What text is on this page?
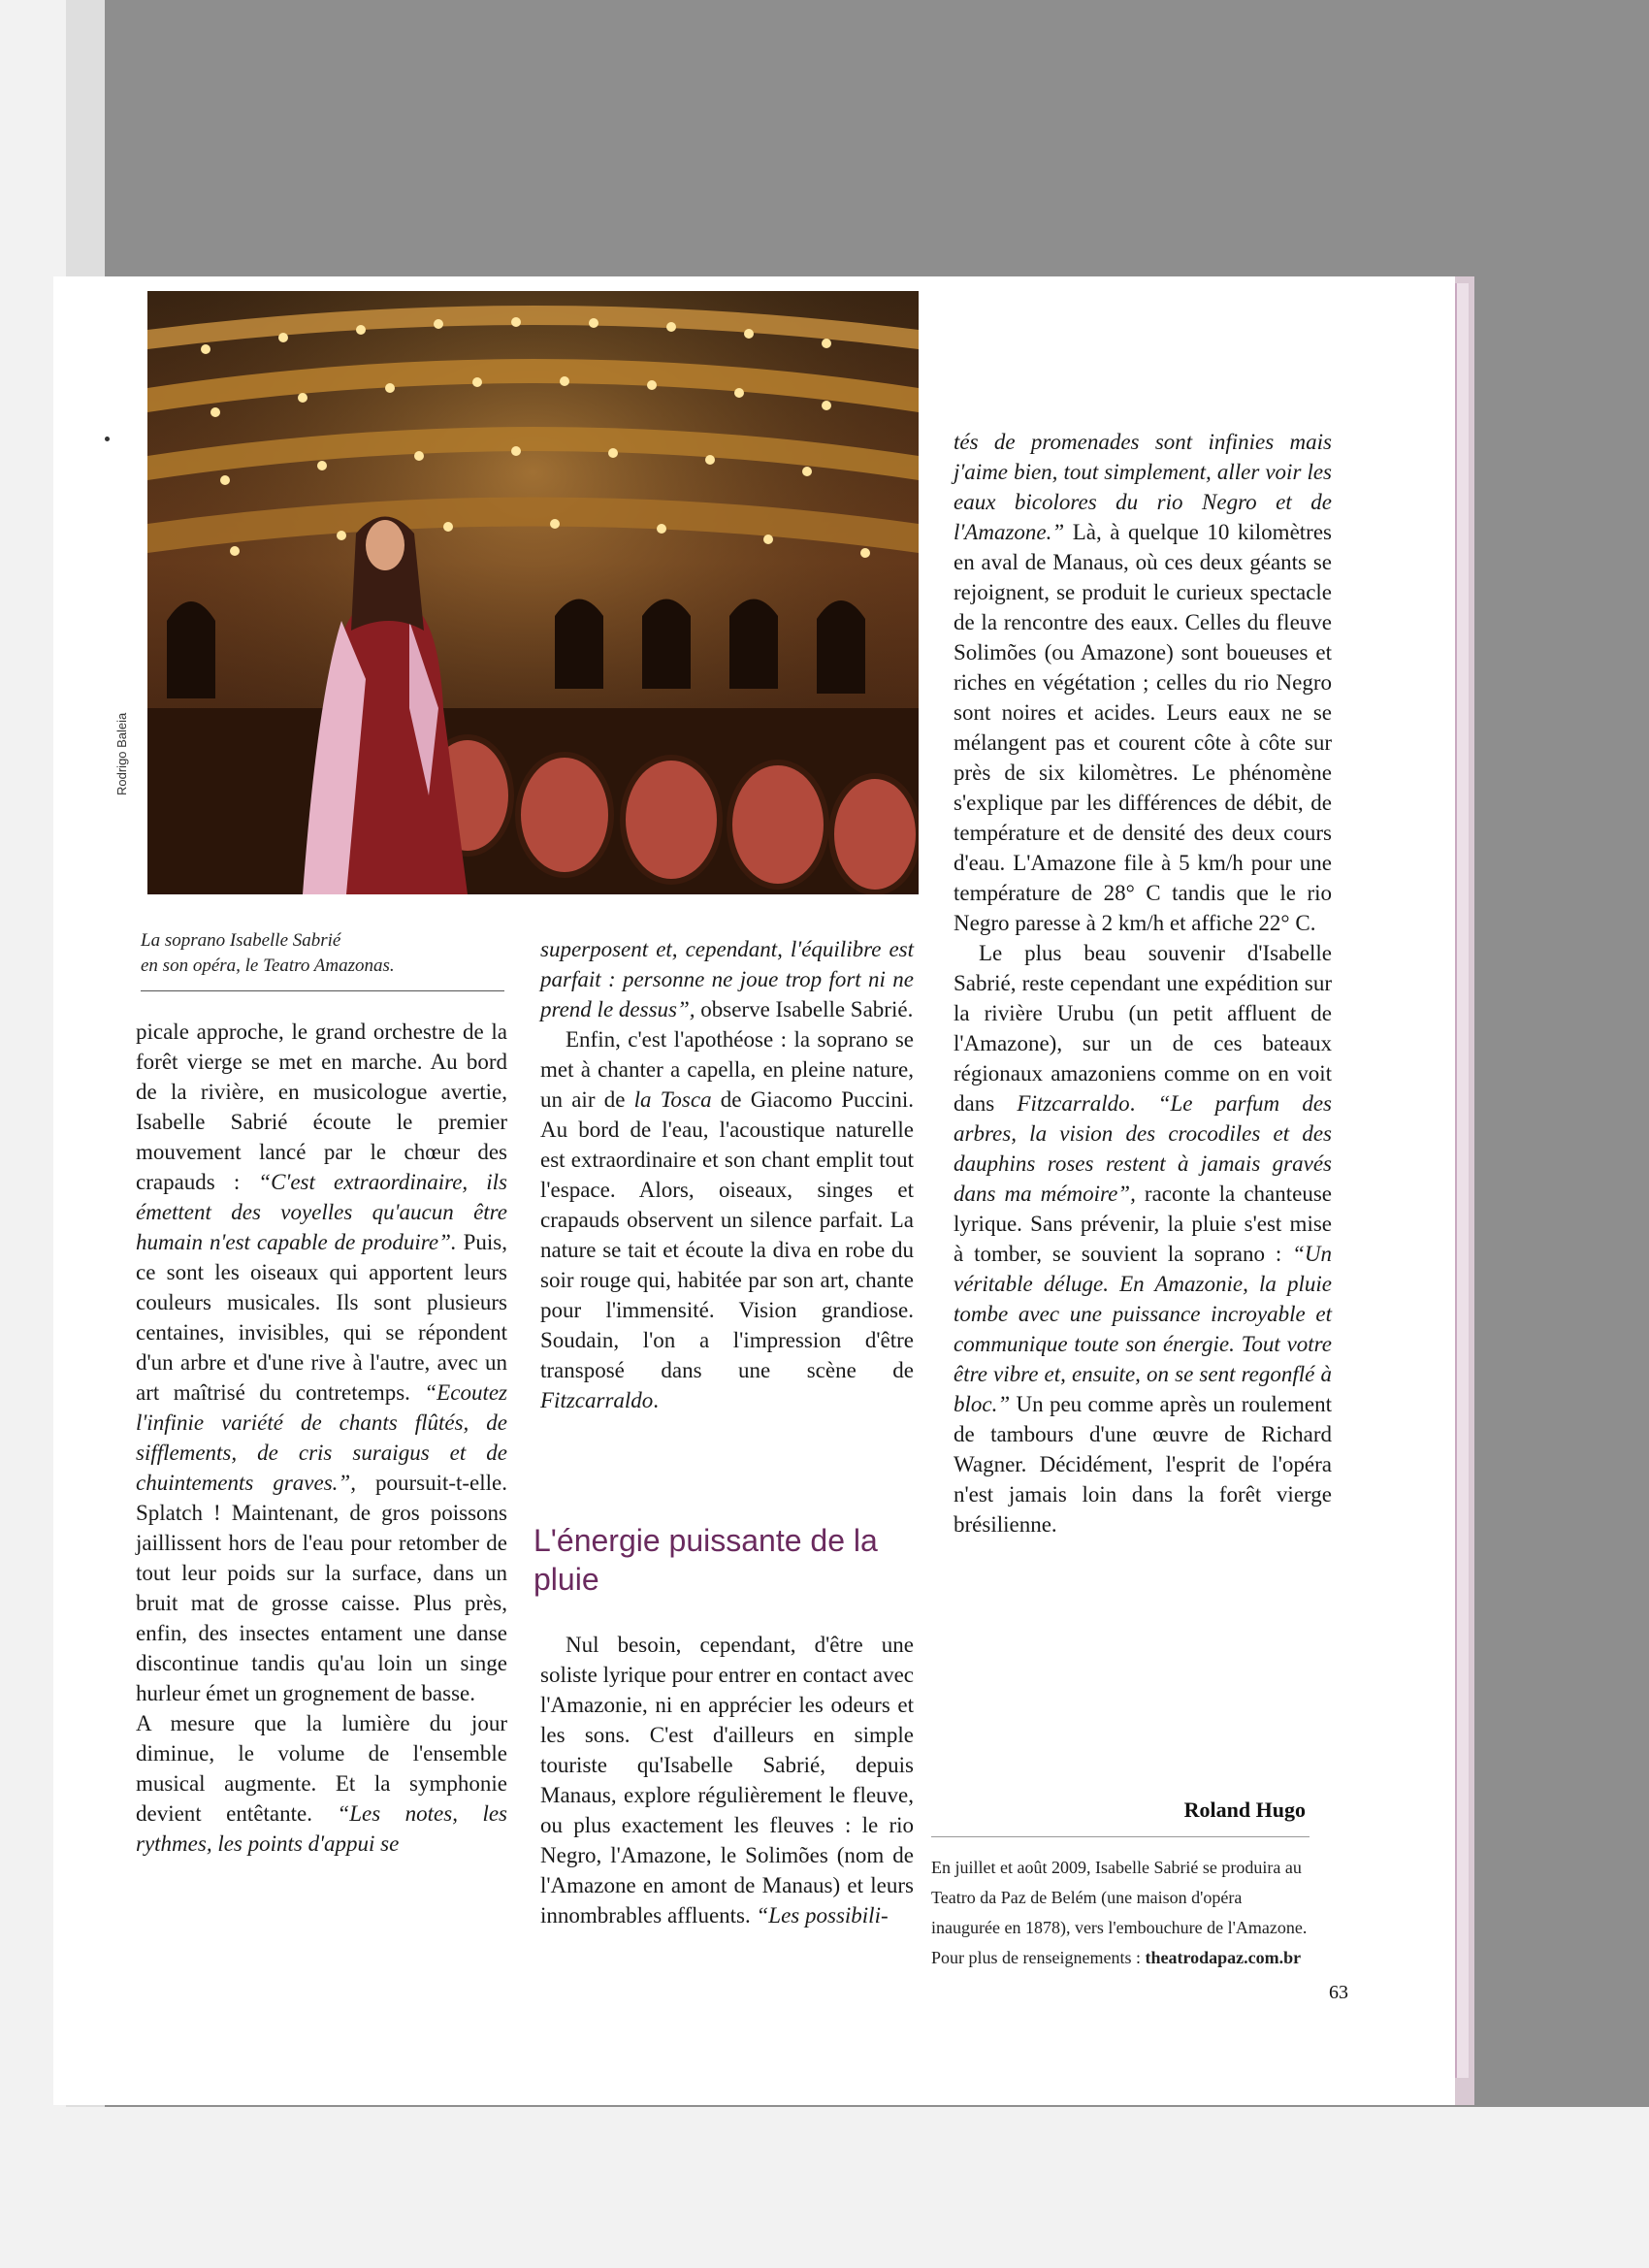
Rodrigo Baleia
La soprano Isabelle Sabrié
en son opéra, le Teatro Amazonas.

picale approche, le grand orchestre de la forêt vierge se met en marche. Au bord de la rivière, en musicologue avertie, Isabelle Sabrié écoute le premier mouvement lancé par le chœur des crapauds : “C'est extraordinaire, ils émettent des voyelles qu'aucun être humain n'est capable de produire”. Puis, ce sont les oiseaux qui apportent leurs couleurs musicales. Ils sont plusieurs centaines, invisibles, qui se répondent d'un arbre et d'une rive à l'autre, avec un art maîtrisé du contretemps. “Ecoutez l'infinie variété de chants flûtés, de sifflements, de cris suraigus et de chuintements graves.”, poursuit-t-elle. Splatch ! Maintenant, de gros poissons jaillissent hors de l'eau pour retomber de tout leur poids sur la surface, dans un bruit mat de grosse caisse. Plus près, enfin, des insectes entament une danse discontinue tandis qu'au loin un singe hurleur émet un grognement de basse.

A mesure que la lumière du jour diminue, le volume de l'ensemble musical augmente. Et la symphonie devient entêtante. “Les notes, les rythmes, les points d'appui se

superposent et, cependant, l'équilibre est parfait : personne ne joue trop fort ni ne prend le dessus”, observe Isabelle Sabrié.

Enfin, c'est l'apothéose : la soprano se met à chanter a capella, en pleine nature, un air de la Tosca de Giacomo Puccini. Au bord de l'eau, l'acoustique naturelle est extraordinaire et son chant emplit tout l'espace. Alors, oiseaux, singes et crapauds observent un silence parfait. La nature se tait et écoute la diva en robe du soir rouge qui, habitée par son art, chante pour l'immensité. Vision grandiose. Soudain, l'on a l'impression d'être transposé dans une scène de Fitzcarraldo.

L'énergie puissante de la pluie

Nul besoin, cependant, d'être une soliste lyrique pour entrer en contact avec l'Amazonie, ni en apprécier les odeurs et les sons. C'est d'ailleurs en simple touriste qu'Isabelle Sabrié, depuis Manaus, explore régulièrement le fleuve, ou plus exactement les fleuves : le rio Negro, l'Amazone, le Solimões (nom de l'Amazone en amont de Manaus) et leurs innombrables affluents. “Les possibili-

tés de promenades sont infinies mais j'aime bien, tout simplement, aller voir les eaux bicolores du rio Negro et de l'Amazone.” Là, à quelque 10 kilomètres en aval de Manaus, où ces deux géants se rejoignent, se produit le curieux spectacle de la rencontre des eaux. Celles du fleuve Solimões (ou Amazone) sont boueuses et riches en végétation ; celles du rio Negro sont noires et acides. Leurs eaux ne se mélangent pas et courent côte à côte sur près de six kilomètres. Le phénomène s'explique par les différences de débit, de température et de densité des deux cours d'eau. L'Amazone file à 5 km/h pour une température de 28° C tandis que le rio Negro paresse à 2 km/h et affiche 22° C.

Le plus beau souvenir d'Isabelle Sabrié, reste cependant une expédition sur la rivière Urubu (un petit affluent de l'Amazone), sur un de ces bateaux régionaux amazoniens comme on en voit dans Fitzcarraldo. “Le parfum des arbres, la vision des crocodiles et des dauphins roses restent à jamais gravés dans ma mémoire”, raconte la chanteuse lyrique. Sans prévenir, la pluie s'est mise à tomber, se souvient la soprano : “Un véritable déluge. En Amazonie, la pluie tombe avec une puissance incroyable et communique toute son énergie. Tout votre être vibre et, ensuite, on se sent regonflé à bloc.” Un peu comme après un roulement de tambours d'une œuvre de Richard Wagner. Décidément, l'esprit de l'opéra n'est jamais loin dans la forêt vierge brésilienne.

Roland Hugo
En juillet et août 2009, Isabelle Sabrié se produira au Teatro da Paz de Belém (une maison d'opéra inaugurée en 1878), vers l'embouchure de l'Amazone. Pour plus de renseignements : theatrodapaz.com.br
63
